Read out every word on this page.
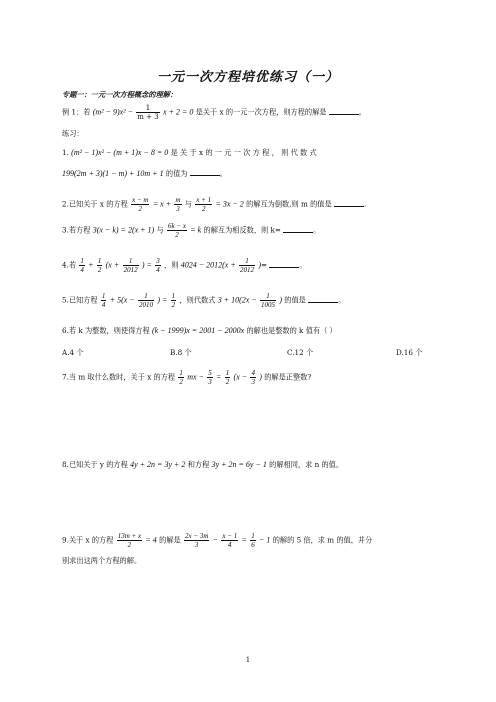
一元一次方程培优练习（一）
专题一：一元一次方程概念的理解：
例 1：若 $(m^2 - 9)x^2 - \frac{1}{m + 3}$ x + 2 = 0 是关于 x 的一元一次方程，则方程的解是	。
练习：
1. (m² − 1)x² − (m + 1)x − 8 = 0 是 关 于 x 的 一 元 一 次 方 程 ， 则 代 数 式
199(2m + 3)(1 − m) + 10m + 1 的值为	。
2.已知关于 x 的方程 $\frac{x - m}{2} = x + \frac{m}{3}$ 与 $\frac{x + 1}{2} = 3x - 2$ 的解互为倒数,则 m 的值是	.
3.若方程 3(x − k) = 2(x + 1) 与 $\frac{6k - x}{2} = k$ 的解互为相反数，则 k=	。
4.若 $\frac{1}{4} + \frac{1}{2} (x + \frac{1}{2012}$ ) = $\frac{3}{4}$ ，则 $4024 - 2012(x + \frac{1}{2012}$ )=	。
5.已知方程 $\frac{1}{4} + 5(x - \frac{1}{2010}$ ) = $\frac{1}{2}$ ，则代数式 $3 + 10(2x - \frac{1}{1005}$ ) 的值是	。
6.若 k 为整数，则使得方程 (k − 1999)x = 2001 − 2000x 的解也是整数的 k 值有（ ）
A.4 个	B.8 个	C.12 个	D.16 个
7.当 m 取什么数时，关于 x 的方程 $\frac{1}{2}$ mx − $\frac{5}{3} = \frac{1}{2} (x - \frac{4}{3}$ ) 的解是正整数?
8.已知关于 y 的方程 4y + 2n = 3y + 2 和方程 3y + 2n = 6y − 1 的解相同，求 n 的值。
9.关于 x 的方程 $\frac{13m + x}{2} = 4$ 的解是 $\frac{2x - 3m}{3} - \frac{x - 1}{4} = \frac{1}{6} - 1$ 的解的 5 倍，求 m 的值，并分
别求出这两个方程的解。
1
